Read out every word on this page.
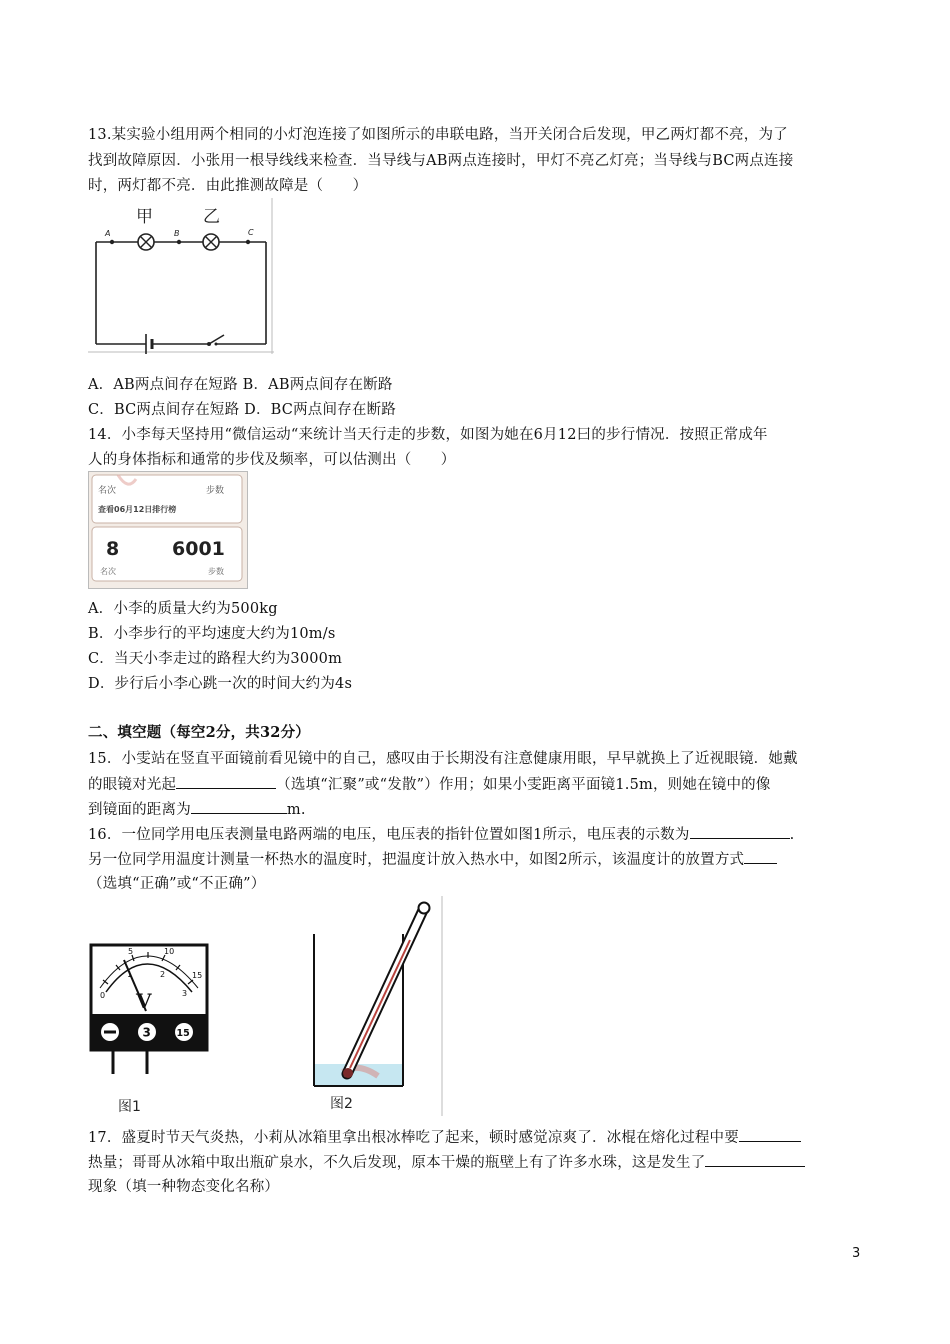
13.某实验小组用两个相同的小灯泡连接了如图所示的串联电路，当开关闭合后发现，甲乙两灯都不亮，为了
找到故障原因．小张用一根导线线来检查．当导线与AB两点连接时，甲灯不亮乙灯亮；当导线与BC两点连接
时，两灯都不亮．由此推测故障是（　　）
甲	乙
A	B	C
A．AB两点间存在短路 B．AB两点间存在断路
C．BC两点间存在短路 D．BC两点间存在断路
14．小李每天坚持用“微信运动“来统计当天行走的步数，如图为她在6月12曰的步行情况．按照正常成年
人的身体指标和通常的步伐及频率，可以估测出（　　）
名次	步数
查看06月12日排行榜
8	6001
名次	步数
A．小李的质量大约为500kg
B．小李步行的平均速度大约为10m/s
C．当天小李走过的路程大约为3000m
D．步行后小李心跳一次的时间大约为4s
二、填空题（每空2分，共32分）
15．小雯站在竖直平面镜前看见镜中的自己，感叹由于长期没有注意健康用眼，早早就换上了近视眼镜．她戴
的眼镜对光起	（选填“汇聚”或“发散”）作用；如果小雯距离平面镜1.5m，则她在镜中的像
到镜面的距离为	m.
16．一位同学用电压表测量电路两端的电压，电压表的指针位置如图1所示，电压表的示数为	.
另一位同学用温度计测量一杯热水的温度时，把温度计放入热水中，如图2所示，该温度计的放置方式
（选填“正确”或“不正确”）
0
1	2
3
5	10
15
V
3	15
图1	图2
17．盛夏时节天气炎热，小莉从冰箱里拿出根冰棒吃了起来，顿时感觉凉爽了．冰棍在熔化过程中要
热量；哥哥从冰箱中取出瓶矿泉水，不久后发现，原本干燥的瓶壁上有了许多水珠，这是发生了
现象（填一种物态变化名称）
3
